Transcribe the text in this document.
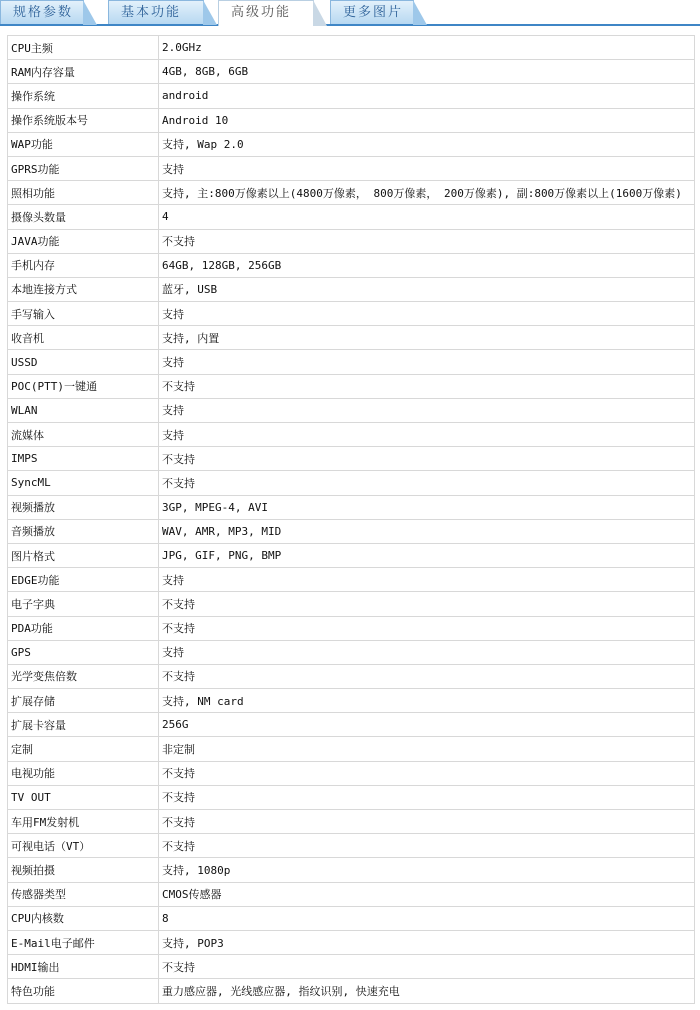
规格参数	基本功能	高级功能	更多图片
CPU主频	2.0GHz
RAM内存容量	4GB, 8GB, 6GB
操作系统	android
操作系统版本号	Android 10
WAP功能	支持, Wap 2.0
GPRS功能	支持
照相功能	支持, 主:800万像素以上(4800万像素， 800万像素， 200万像素), 副:800万像素以上(1600万像素)
摄像头数量	4
JAVA功能	不支持
手机内存	64GB, 128GB, 256GB
本地连接方式	蓝牙, USB
手写输入	支持
收音机	支持, 内置
USSD	支持
POC(PTT)一键通	不支持
WLAN	支持
流媒体	支持
IMPS	不支持
SyncML	不支持
视频播放	3GP, MPEG-4, AVI
音频播放	WAV, AMR, MP3, MID
图片格式	JPG, GIF, PNG, BMP
EDGE功能	支持
电子字典	不支持
PDA功能	不支持
GPS	支持
光学变焦倍数	不支持
扩展存储	支持, NM card
扩展卡容量	256G
定制	非定制
电视功能	不支持
TV OUT	不支持
车用FM发射机	不支持
可视电话（VT）	不支持
视频拍摄	支持, 1080p
传感器类型	CMOS传感器
CPU内核数	8
E-Mail电子邮件	支持, POP3
HDMI输出	不支持
特色功能	重力感应器, 光线感应器, 指纹识别, 快速充电
